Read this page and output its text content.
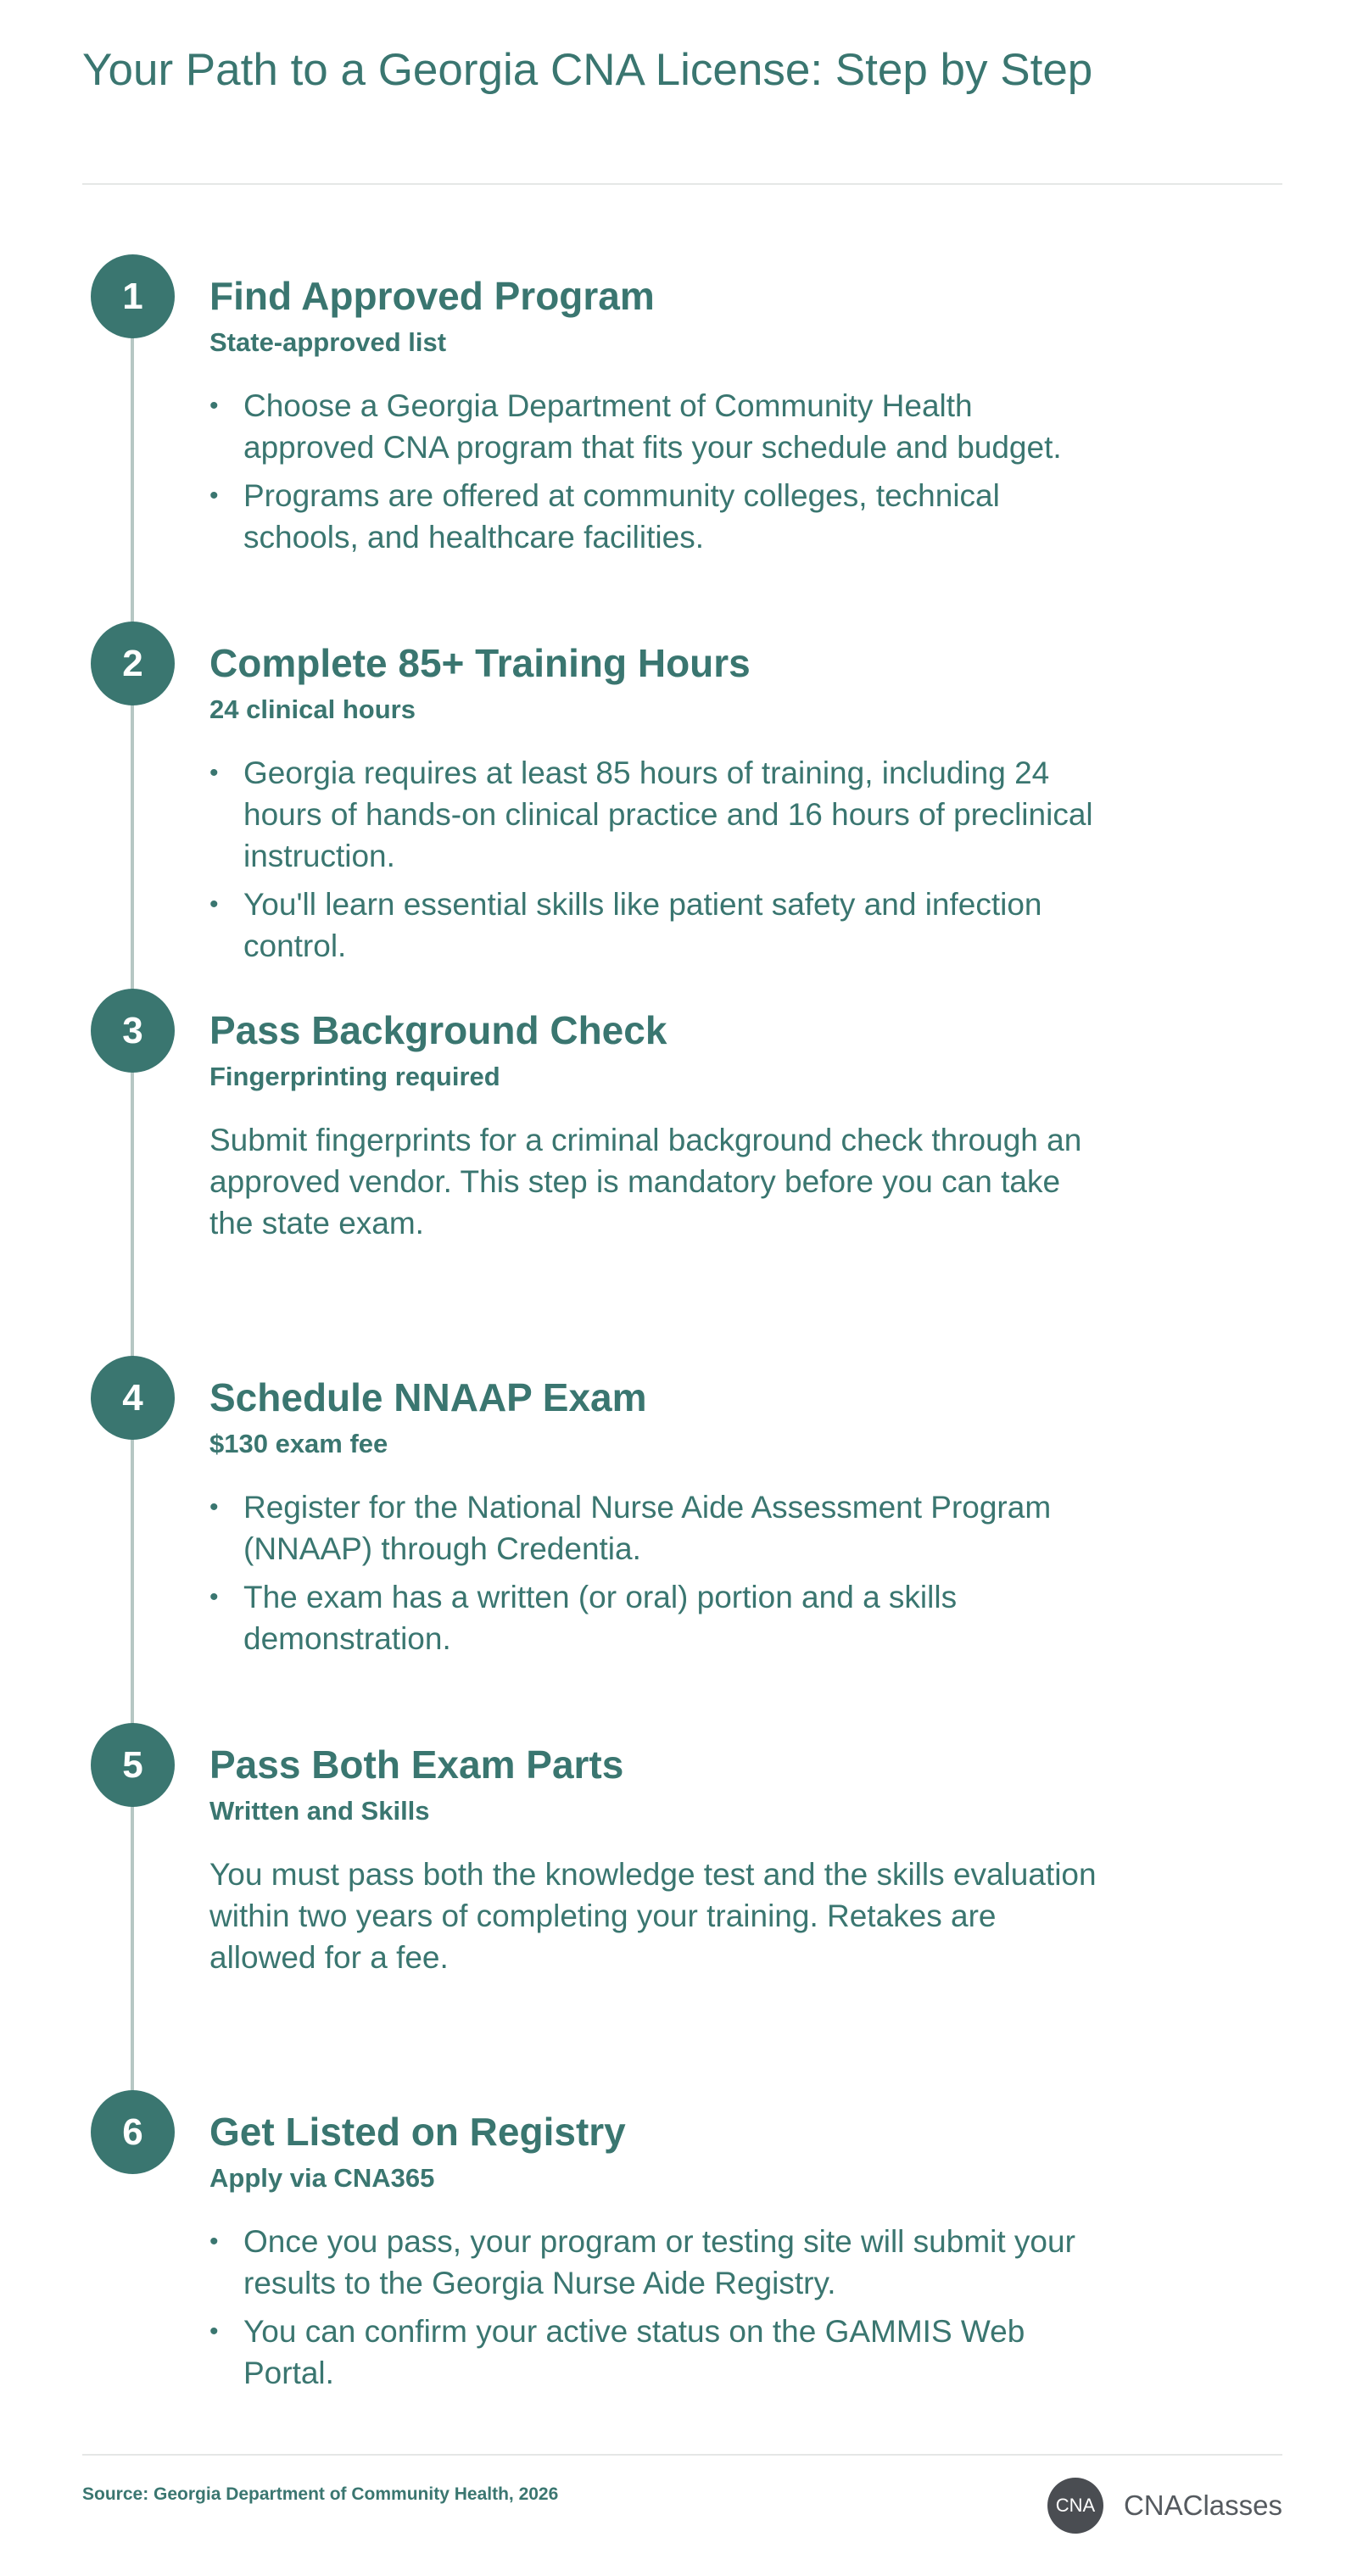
Your Path to a Georgia CNA License: Step by Step
1	Find Approved Program
State-approved list
• Choose a Georgia Department of Community Health approved CNA program that fits your schedule and budget.
• Programs are offered at community colleges, technical schools, and healthcare facilities.
2	Complete 85+ Training Hours
24 clinical hours
• Georgia requires at least 85 hours of training, including 24 hours of hands-on clinical practice and 16 hours of preclinical instruction.
• You'll learn essential skills like patient safety and infection control.
3	Pass Background Check
Fingerprinting required

Submit fingerprints for a criminal background check through an approved vendor. This step is mandatory before you can take the state exam.

4	Schedule NNAAP Exam
$130 exam fee
• Register for the National Nurse Aide Assessment Program (NNAAP) through Credentia.
• The exam has a written (or oral) portion and a skills demonstration.
5	Pass Both Exam Parts
Written and Skills

You must pass both the knowledge test and the skills evaluation within two years of completing your training. Retakes are allowed for a fee.

6	Get Listed on Registry
Apply via CNA365
• Once you pass, your program or testing site will submit your results to the Georgia Nurse Aide Registry.
• You can confirm your active status on the GAMMIS Web Portal.
Source: Georgia Department of Community Health, 2026
CNA CNAClasses
